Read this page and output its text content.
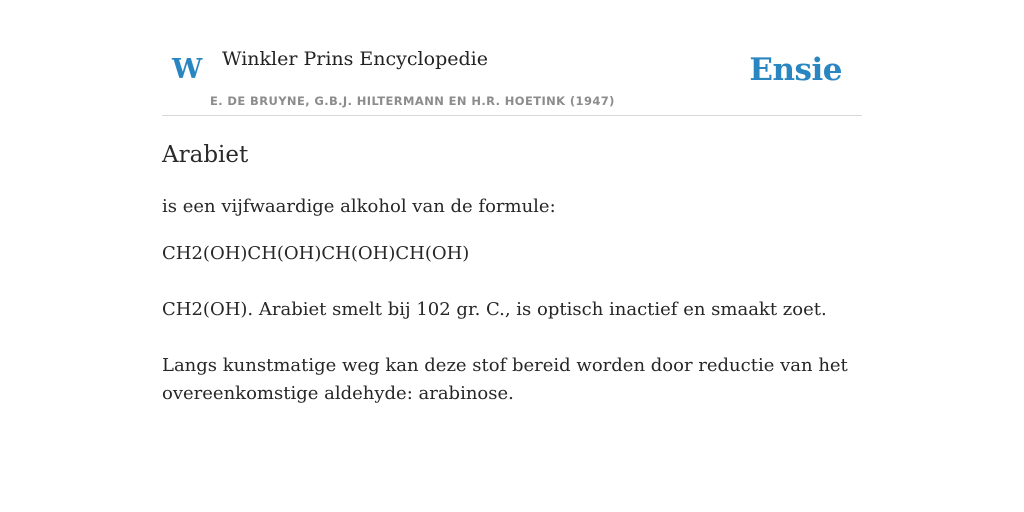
W Winkler Prins Encyclopedie
E. DE BRUYNE, G.B.J. HILTERMANN EN H.R. HOETINK (1947)
Ensie
Arabiet

is een vijfwaardige alkohol van de formule:

CH2(OH)CH(OH)CH(OH)CH(OH)

CH2(OH). Arabiet smelt bij 102 gr. C., is optisch inactief en smaakt zoet.

Langs kunstmatige weg kan deze stof bereid worden door reductie van het overeenkomstige aldehyde: arabinose.
